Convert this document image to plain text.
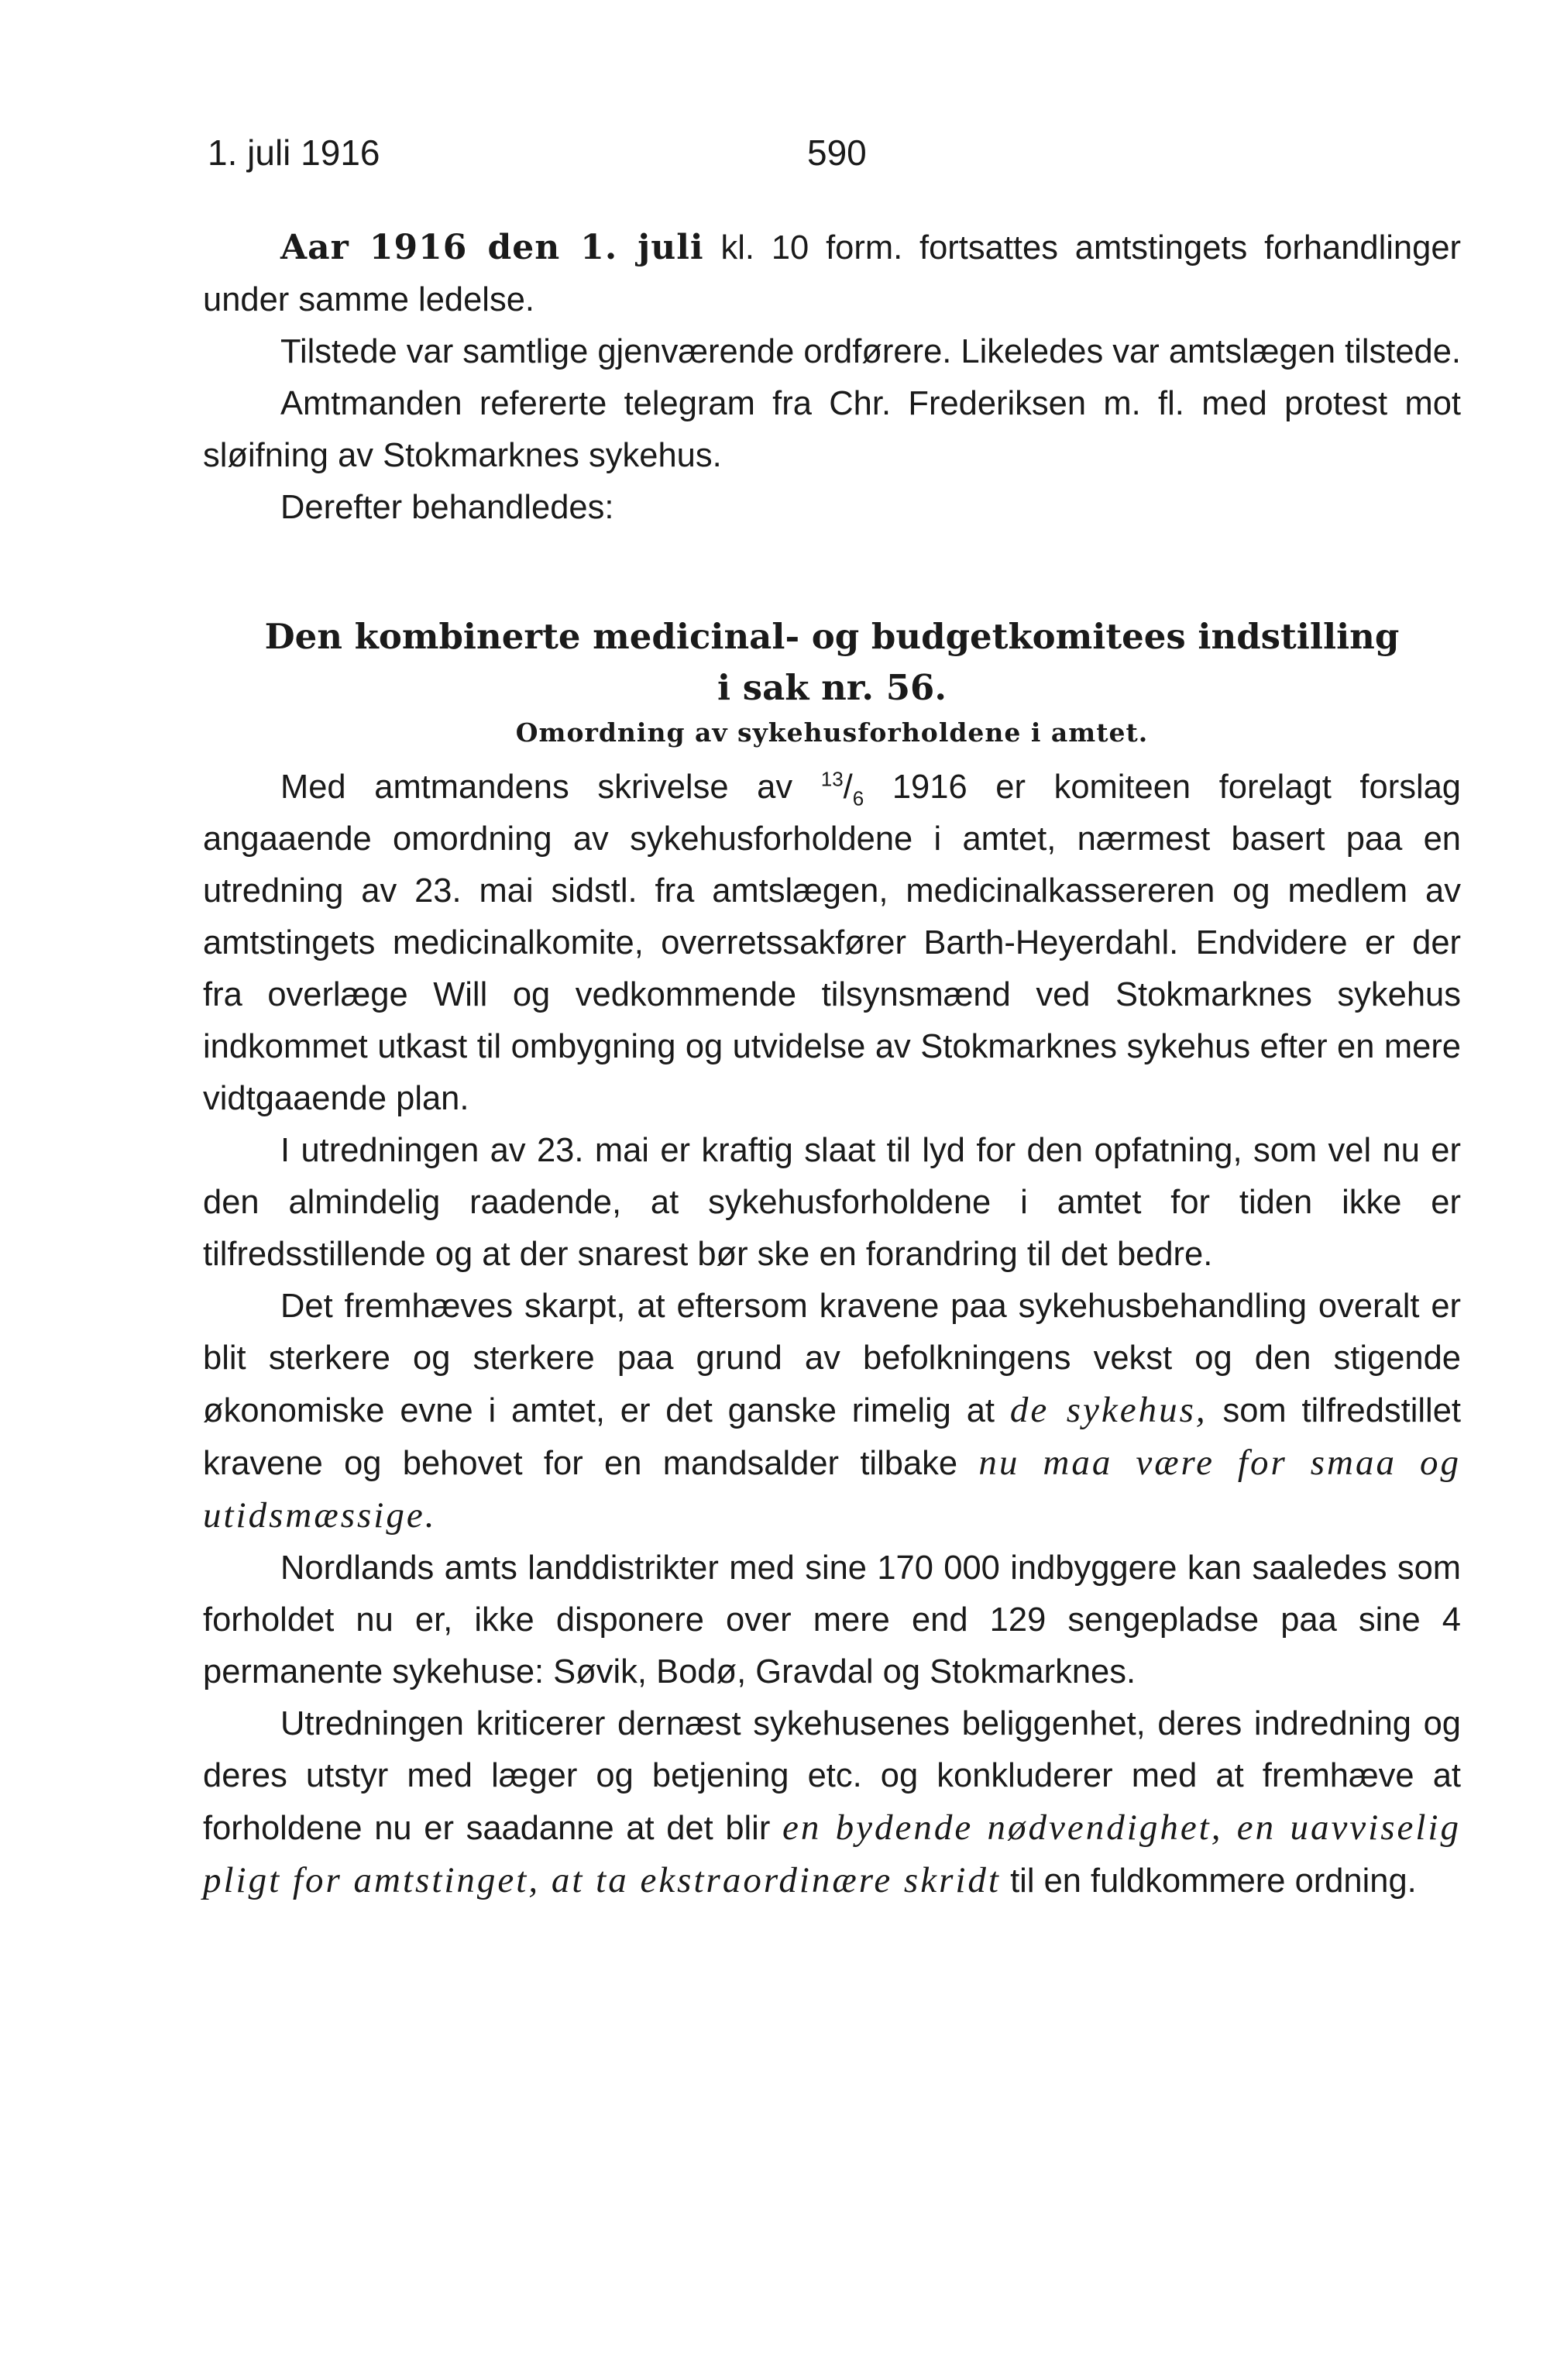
1. juli 1916	590

Aar 1916 den 1. juli kl. 10 form. fortsattes amtstingets forhandlinger under samme ledelse.

Tilstede var samtlige gjenværende ordførere. Likeledes var amtslægen tilstede.

Amtmanden refererte telegram fra Chr. Frederiksen m. fl. med protest mot sløifning av Stokmarknes sykehus.

Derefter behandledes:

Den kombinerte medicinal- og budgetkomitees indstilling
i sak nr. 56.
Omordning av sykehusforholdene i amtet.

Med amtmandens skrivelse av $^{13}/_6$ 1916 er komiteen forelagt forslag angaaende omordning av sykehusforholdene i amtet, nærmest basert paa en utredning av 23. mai sidstl. fra amtslægen, medicinalkassereren og medlem av amtstingets medicinalkomite, overretssakfører Barth-Heyerdahl. Endvidere er der fra overlæge Will og vedkommende tilsynsmænd ved Stokmarknes sykehus indkommet utkast til ombygning og utvidelse av Stokmarknes sykehus efter en mere vidtgaaende plan.

I utredningen av 23. mai er kraftig slaat til lyd for den opfatning, som vel nu er den almindelig raadende, at sykehusforholdene i amtet for tiden ikke er tilfredsstillende og at der snarest bør ske en forandring til det bedre.

Det fremhæves skarpt, at eftersom kravene paa sykehusbehandling overalt er blit sterkere og sterkere paa grund av befolkningens vekst og den stigende økonomiske evne i amtet, er det ganske rimelig at de sykehus, som tilfredstillet kravene og behovet for en mandsalder tilbake nu maa være for smaa og utidsmæssige.

Nordlands amts landdistrikter med sine 170 000 indbyggere kan saaledes som forholdet nu er, ikke disponere over mere end 129 sengepladse paa sine 4 permanente sykehuse: Søvik, Bodø, Gravdal og Stokmarknes.

Utredningen kriticerer dernæst sykehusenes beliggenhet, deres indredning og deres utstyr med læger og betjening etc. og konkluderer med at fremhæve at forholdene nu er saadanne at det blir en bydende nødvendighet, en uavviselig pligt for amtstinget, at ta ekstraordinære skridt til en fuldkommere ordning.
